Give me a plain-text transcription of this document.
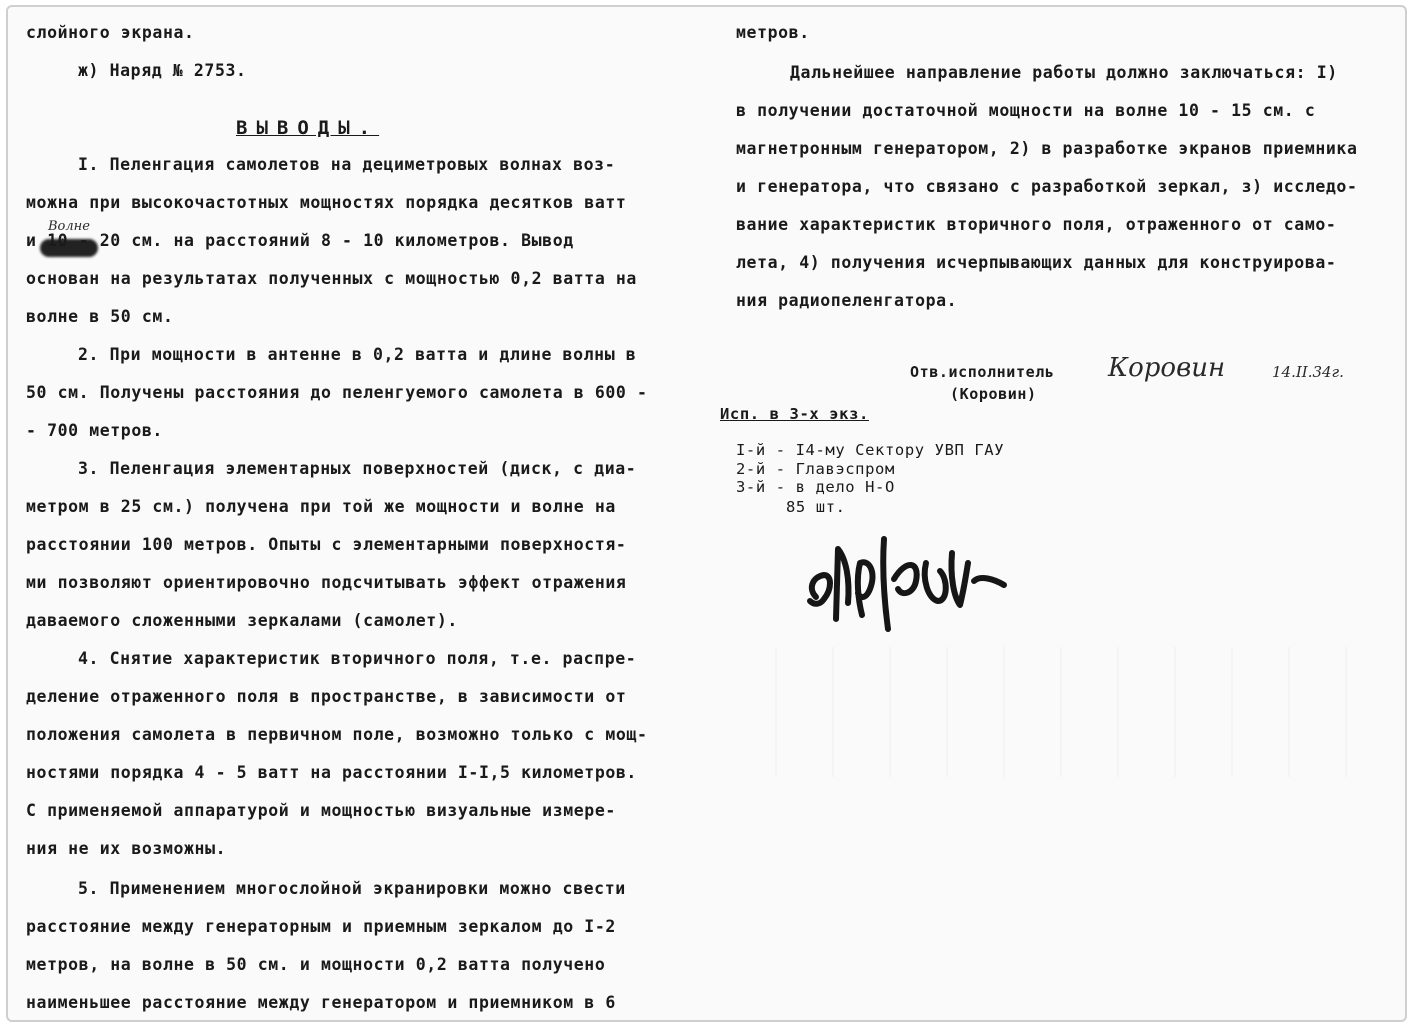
слойного экрана.
ж) Наряд № 2753.
ВЫВОДЫ.
I. Пеленгация самолетов на дециметровых волнах воз-
можна при высокочастотных мощностях порядка десятков ватт
Волне
и 10 - 20 см. на расстояний 8 - 10 километров. Вывод
основан на результатах полученных с мощностью 0,2 ватта на
волне в 50 см.
2. При мощности в антенне в 0,2 ватта и длине волны в
50 см. Получены расстояния до пеленгуемого самолета в 600 -
- 700 метров.
3. Пеленгация элементарных поверхностей (диск, с диа-
метром в 25 см.) получена при той же мощности и волне на
расстоянии 100 метров. Опыты с элементарными поверхностя-
ми позволяют ориентировочно подсчитывать эффект отражения
даваемого сложенными зеркалами (самолет).
4. Снятие характеристик вторичного поля, т.е. распре-
деление отраженного поля в пространстве, в зависимости от
положения самолета в первичном поле, возможно только с мощ-
ностями порядка 4 - 5 ватт на расстоянии I-I,5 километров.
С применяемой аппаратурой и мощностью визуальные измере-
ния не их возможны.
5. Применением многослойной экранировки можно свести
расстояние между генераторным и приемным зеркалом до I-2
метров, на волне в 50 см. и мощности 0,2 ватта получено
наименьшее расстояние между генератором и приемником в 6
метров.
Дальнейшее направление работы должно заключаться: I)
в получении достаточной мощности на волне 10 - 15 см. с
магнетронным генератором, 2) в разработке экранов приемника
и генератора, что связано с разработкой зеркал, з) исследо-
вание характеристик вторичного поля, отраженного от само-
лета, 4) получения исчерпывающих данных для конструирова-
ния радиопеленгатора.
Отв.исполнитель
(Коровин)
Коровин	14.II.34г.
Исп. в 3-х экз.
I-й - I4-му Сектору УВП ГАУ
2-й - Главэспром
3-й - в дело Н-О
85 шт.
